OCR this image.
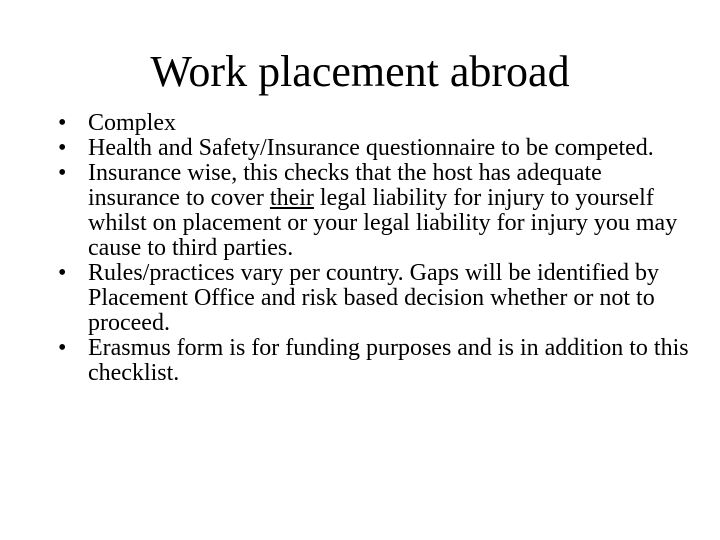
Work placement abroad
• Complex
• Health and Safety/Insurance questionnaire to be competed.
• Insurance wise, this checks that the host has adequate insurance to cover their legal liability for injury to yourself whilst on placement or your legal liability for injury you may cause to third parties.
• Rules/practices vary per country. Gaps will be identified by Placement Office and risk based decision whether or not to proceed.
• Erasmus form is for funding purposes and is in addition to this checklist.
